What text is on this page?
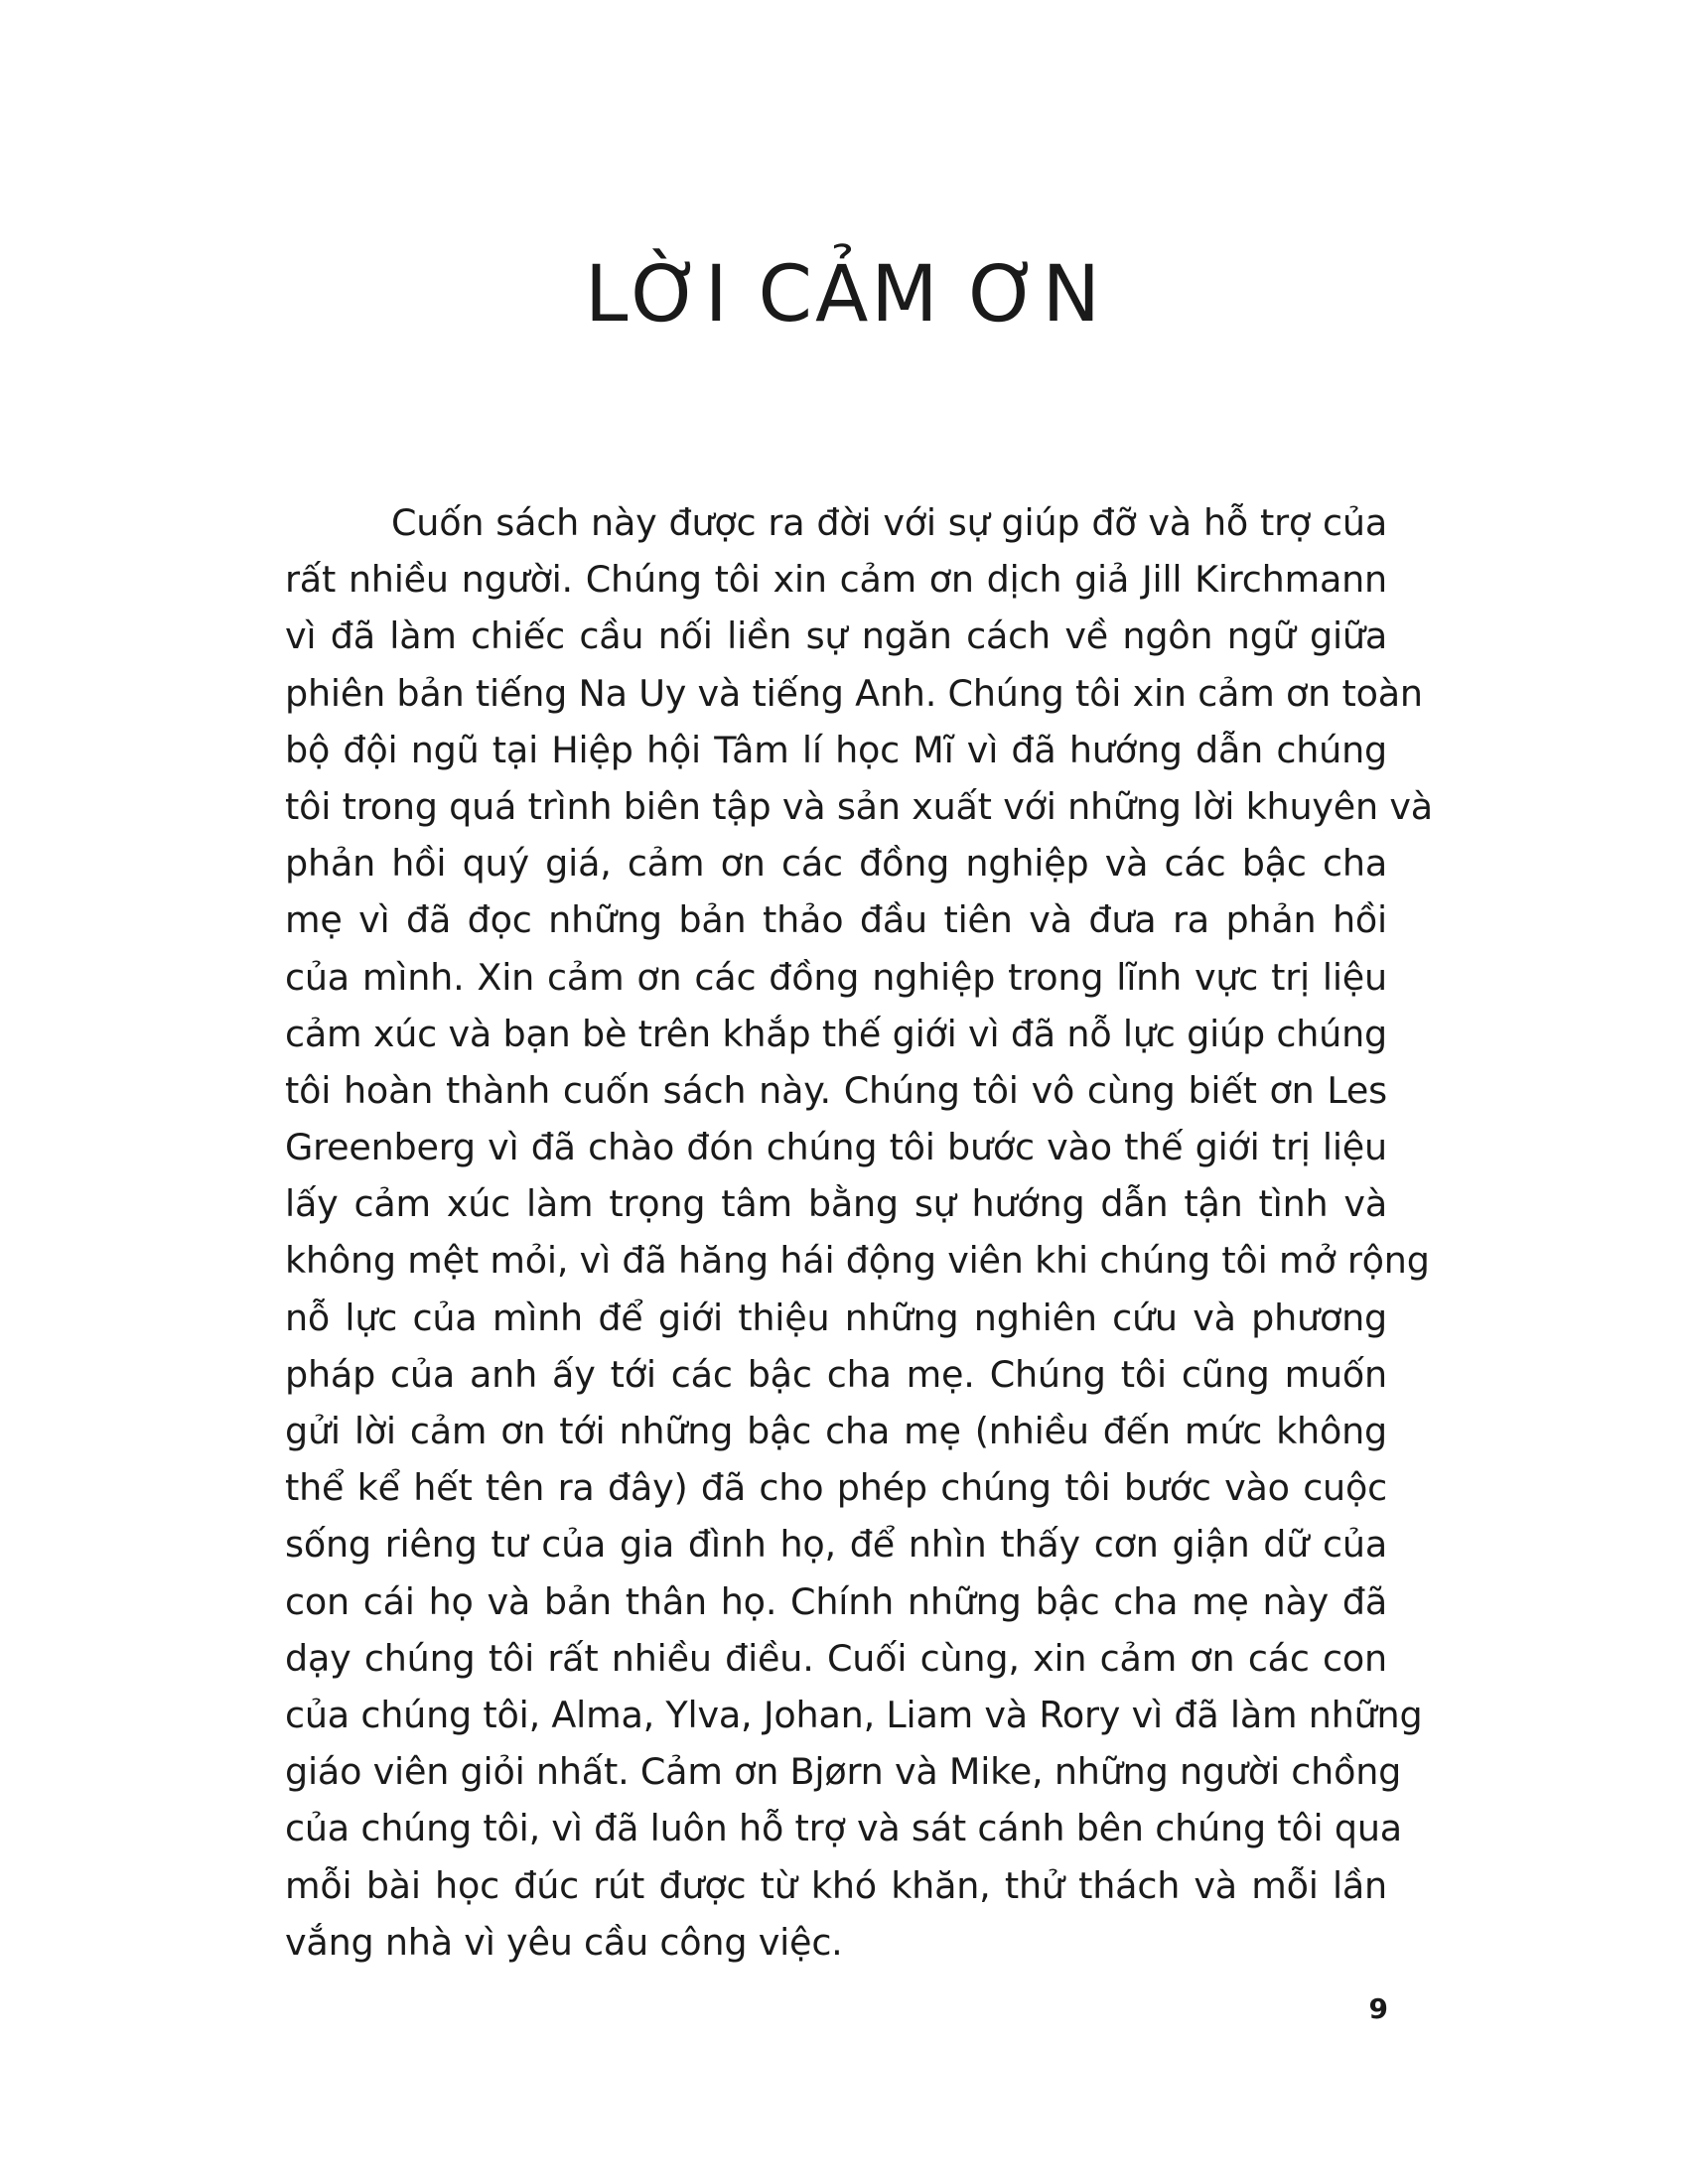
LỜI CẢM ƠN
Cuốn sách này được ra đời với sự giúp đỡ và hỗ trợ của
rất nhiều người. Chúng tôi xin cảm ơn dịch giả Jill Kirchmann
vì đã làm chiếc cầu nối liền sự ngăn cách về ngôn ngữ giữa
phiên bản tiếng Na Uy và tiếng Anh. Chúng tôi xin cảm ơn toàn
bộ đội ngũ tại Hiệp hội Tâm lí học Mĩ vì đã hướng dẫn chúng
tôi trong quá trình biên tập và sản xuất với những lời khuyên và
phản hồi quý giá, cảm ơn các đồng nghiệp và các bậc cha
mẹ vì đã đọc những bản thảo đầu tiên và đưa ra phản hồi
của mình. Xin cảm ơn các đồng nghiệp trong lĩnh vực trị liệu
cảm xúc và bạn bè trên khắp thế giới vì đã nỗ lực giúp chúng
tôi hoàn thành cuốn sách này. Chúng tôi vô cùng biết ơn Les
Greenberg vì đã chào đón chúng tôi bước vào thế giới trị liệu
lấy cảm xúc làm trọng tâm bằng sự hướng dẫn tận tình và
không mệt mỏi, vì đã hăng hái động viên khi chúng tôi mở rộng
nỗ lực của mình để giới thiệu những nghiên cứu và phương
pháp của anh ấy tới các bậc cha mẹ. Chúng tôi cũng muốn
gửi lời cảm ơn tới những bậc cha mẹ (nhiều đến mức không
thể kể hết tên ra đây) đã cho phép chúng tôi bước vào cuộc
sống riêng tư của gia đình họ, để nhìn thấy cơn giận dữ của
con cái họ và bản thân họ. Chính những bậc cha mẹ này đã
dạy chúng tôi rất nhiều điều. Cuối cùng, xin cảm ơn các con
của chúng tôi, Alma, Ylva, Johan, Liam và Rory vì đã làm những
giáo viên giỏi nhất. Cảm ơn Bjørn và Mike, những người chồng
của chúng tôi, vì đã luôn hỗ trợ và sát cánh bên chúng tôi qua
mỗi bài học đúc rút được từ khó khăn, thử thách và mỗi lần
vắng nhà vì yêu cầu công việc.
9
